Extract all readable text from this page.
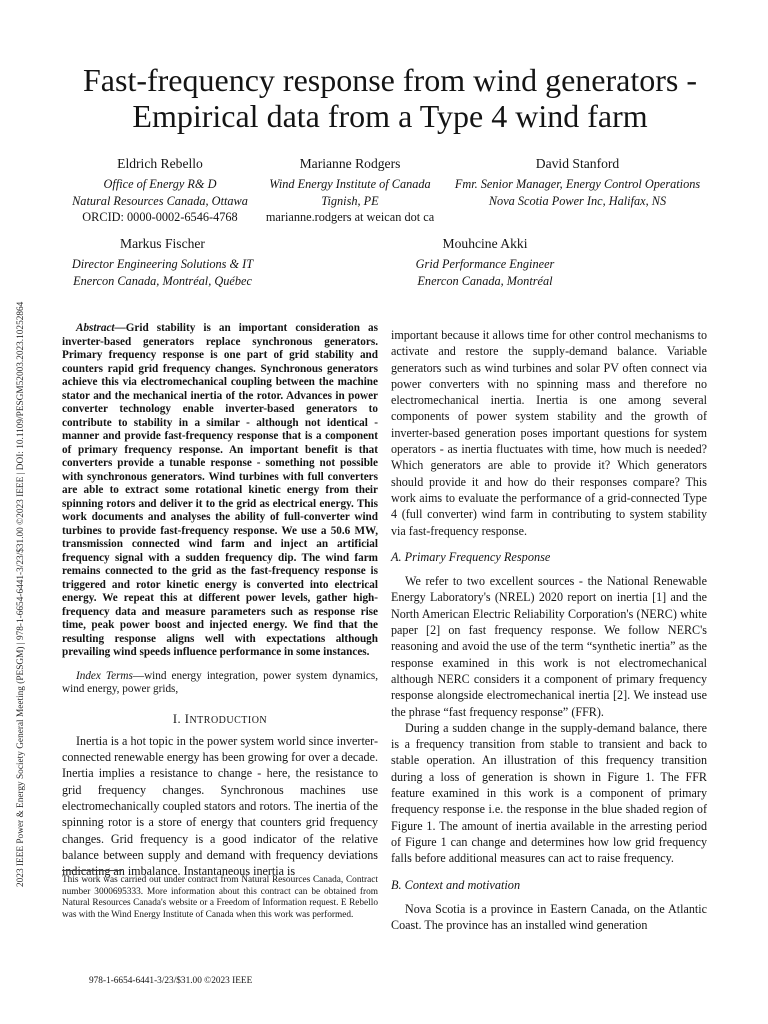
2023 IEEE Power & Energy Society General Meeting (PESGM) | 978-1-6654-6441-3/23/$31.00 ©2023 IEEE | DOI: 10.1109/PESGM52003.2023.10252864
Fast-frequency response from wind generators -
Empirical data from a Type 4 wind farm
Eldrich Rebello
Office of Energy R& D
Natural Resources Canada, Ottawa
ORCID: 0000-0002-6546-4768
Marianne Rodgers
Wind Energy Institute of Canada
Tignish, PE
marianne.rodgers at weican dot ca
David Stanford
Fmr. Senior Manager, Energy Control Operations
Nova Scotia Power Inc, Halifax, NS
Markus Fischer
Director Engineering Solutions & IT
Enercon Canada, Montréal, Québec
Mouhcine Akki
Grid Performance Engineer
Enercon Canada, Montréal

Abstract—Grid stability is an important consideration as inverter-based generators replace synchronous generators. Primary frequency response is one part of grid stability and counters rapid grid frequency changes. Synchronous generators achieve this via electromechanical coupling between the machine stator and the mechanical inertia of the rotor. Advances in power converter technology enable inverter-based generators to contribute to stability in a similar - although not identical - manner and provide fast-frequency response that is a component of primary frequency response. An important benefit is that converters provide a tunable response - something not possible with synchronous generators. Wind turbines with full converters are able to extract some rotational kinetic energy from their spinning rotors and deliver it to the grid as electrical energy. This work documents and analyses the ability of full-converter wind turbines to provide fast-frequency response. We use a 50.6 MW, transmission connected wind farm and inject an artificial frequency signal with a sudden frequency dip. The wind farm remains connected to the grid as the fast-frequency response is triggered and rotor kinetic energy is converted into electrical energy. We repeat this at different power levels, gather high-frequency data and measure parameters such as response rise time, peak power boost and injected energy. We find that the resulting response aligns well with expectations although prevailing wind speeds influence performance in some instances.

Index Terms—wind energy integration, power system dynamics, wind energy, power grids,

I. INTRODUCTION

Inertia is a hot topic in the power system world since inverter-connected renewable energy has been growing for over a decade. Inertia implies a resistance to change - here, the resistance to grid frequency changes. Synchronous machines use electromechanically coupled stators and rotors. The inertia of the spinning rotor is a store of energy that counters grid frequency changes. Grid frequency is a good indicator of the relative balance between supply and demand with frequency deviations indicating an imbalance. Instantaneous inertia is

This work was carried out under contract from Natural Resources Canada, Contract number 3000695333. More information about this contract can be obtained from Natural Resources Canada's website or a Freedom of Information request. E Rebello was with the Wind Energy Institute of Canada when this work was performed.
978-1-6654-6441-3/23/$31.00 ©2023 IEEE

important because it allows time for other control mechanisms to activate and restore the supply-demand balance. Variable generators such as wind turbines and solar PV often connect via power converters with no spinning mass and therefore no electromechanical inertia. Inertia is one among several components of power system stability and the growth of inverter-based generation poses important questions for system operators - as inertia fluctuates with time, how much is needed? Which generators are able to provide it? Which generators should provide it and how do their responses compare? This work aims to evaluate the performance of a grid-connected Type 4 (full converter) wind farm in contributing to system stability via fast-frequency response.

A. Primary Frequency Response

We refer to two excellent sources - the National Renewable Energy Laboratory's (NREL) 2020 report on inertia [1] and the North American Electric Reliability Corporation's (NERC) white paper [2] on fast frequency response. We follow NERC's reasoning and avoid the use of the term “synthetic inertia” as the response examined in this work is not electromechanical although NERC considers it a component of primary frequency response alongside electromechanical inertia [2]. We instead use the phrase “fast frequency response” (FFR).

During a sudden change in the supply-demand balance, there is a frequency transition from stable to transient and back to stable operation. An illustration of this frequency transition during a loss of generation is shown in Figure 1. The FFR feature examined in this work is a component of primary frequency response i.e. the response in the blue shaded region of Figure 1. The amount of inertia available in the arresting period of Figure 1 can change and determines how low grid frequency falls before additional measures can act to raise frequency.

B. Context and motivation

Nova Scotia is a province in Eastern Canada, on the Atlantic Coast. The province has an installed wind generation
